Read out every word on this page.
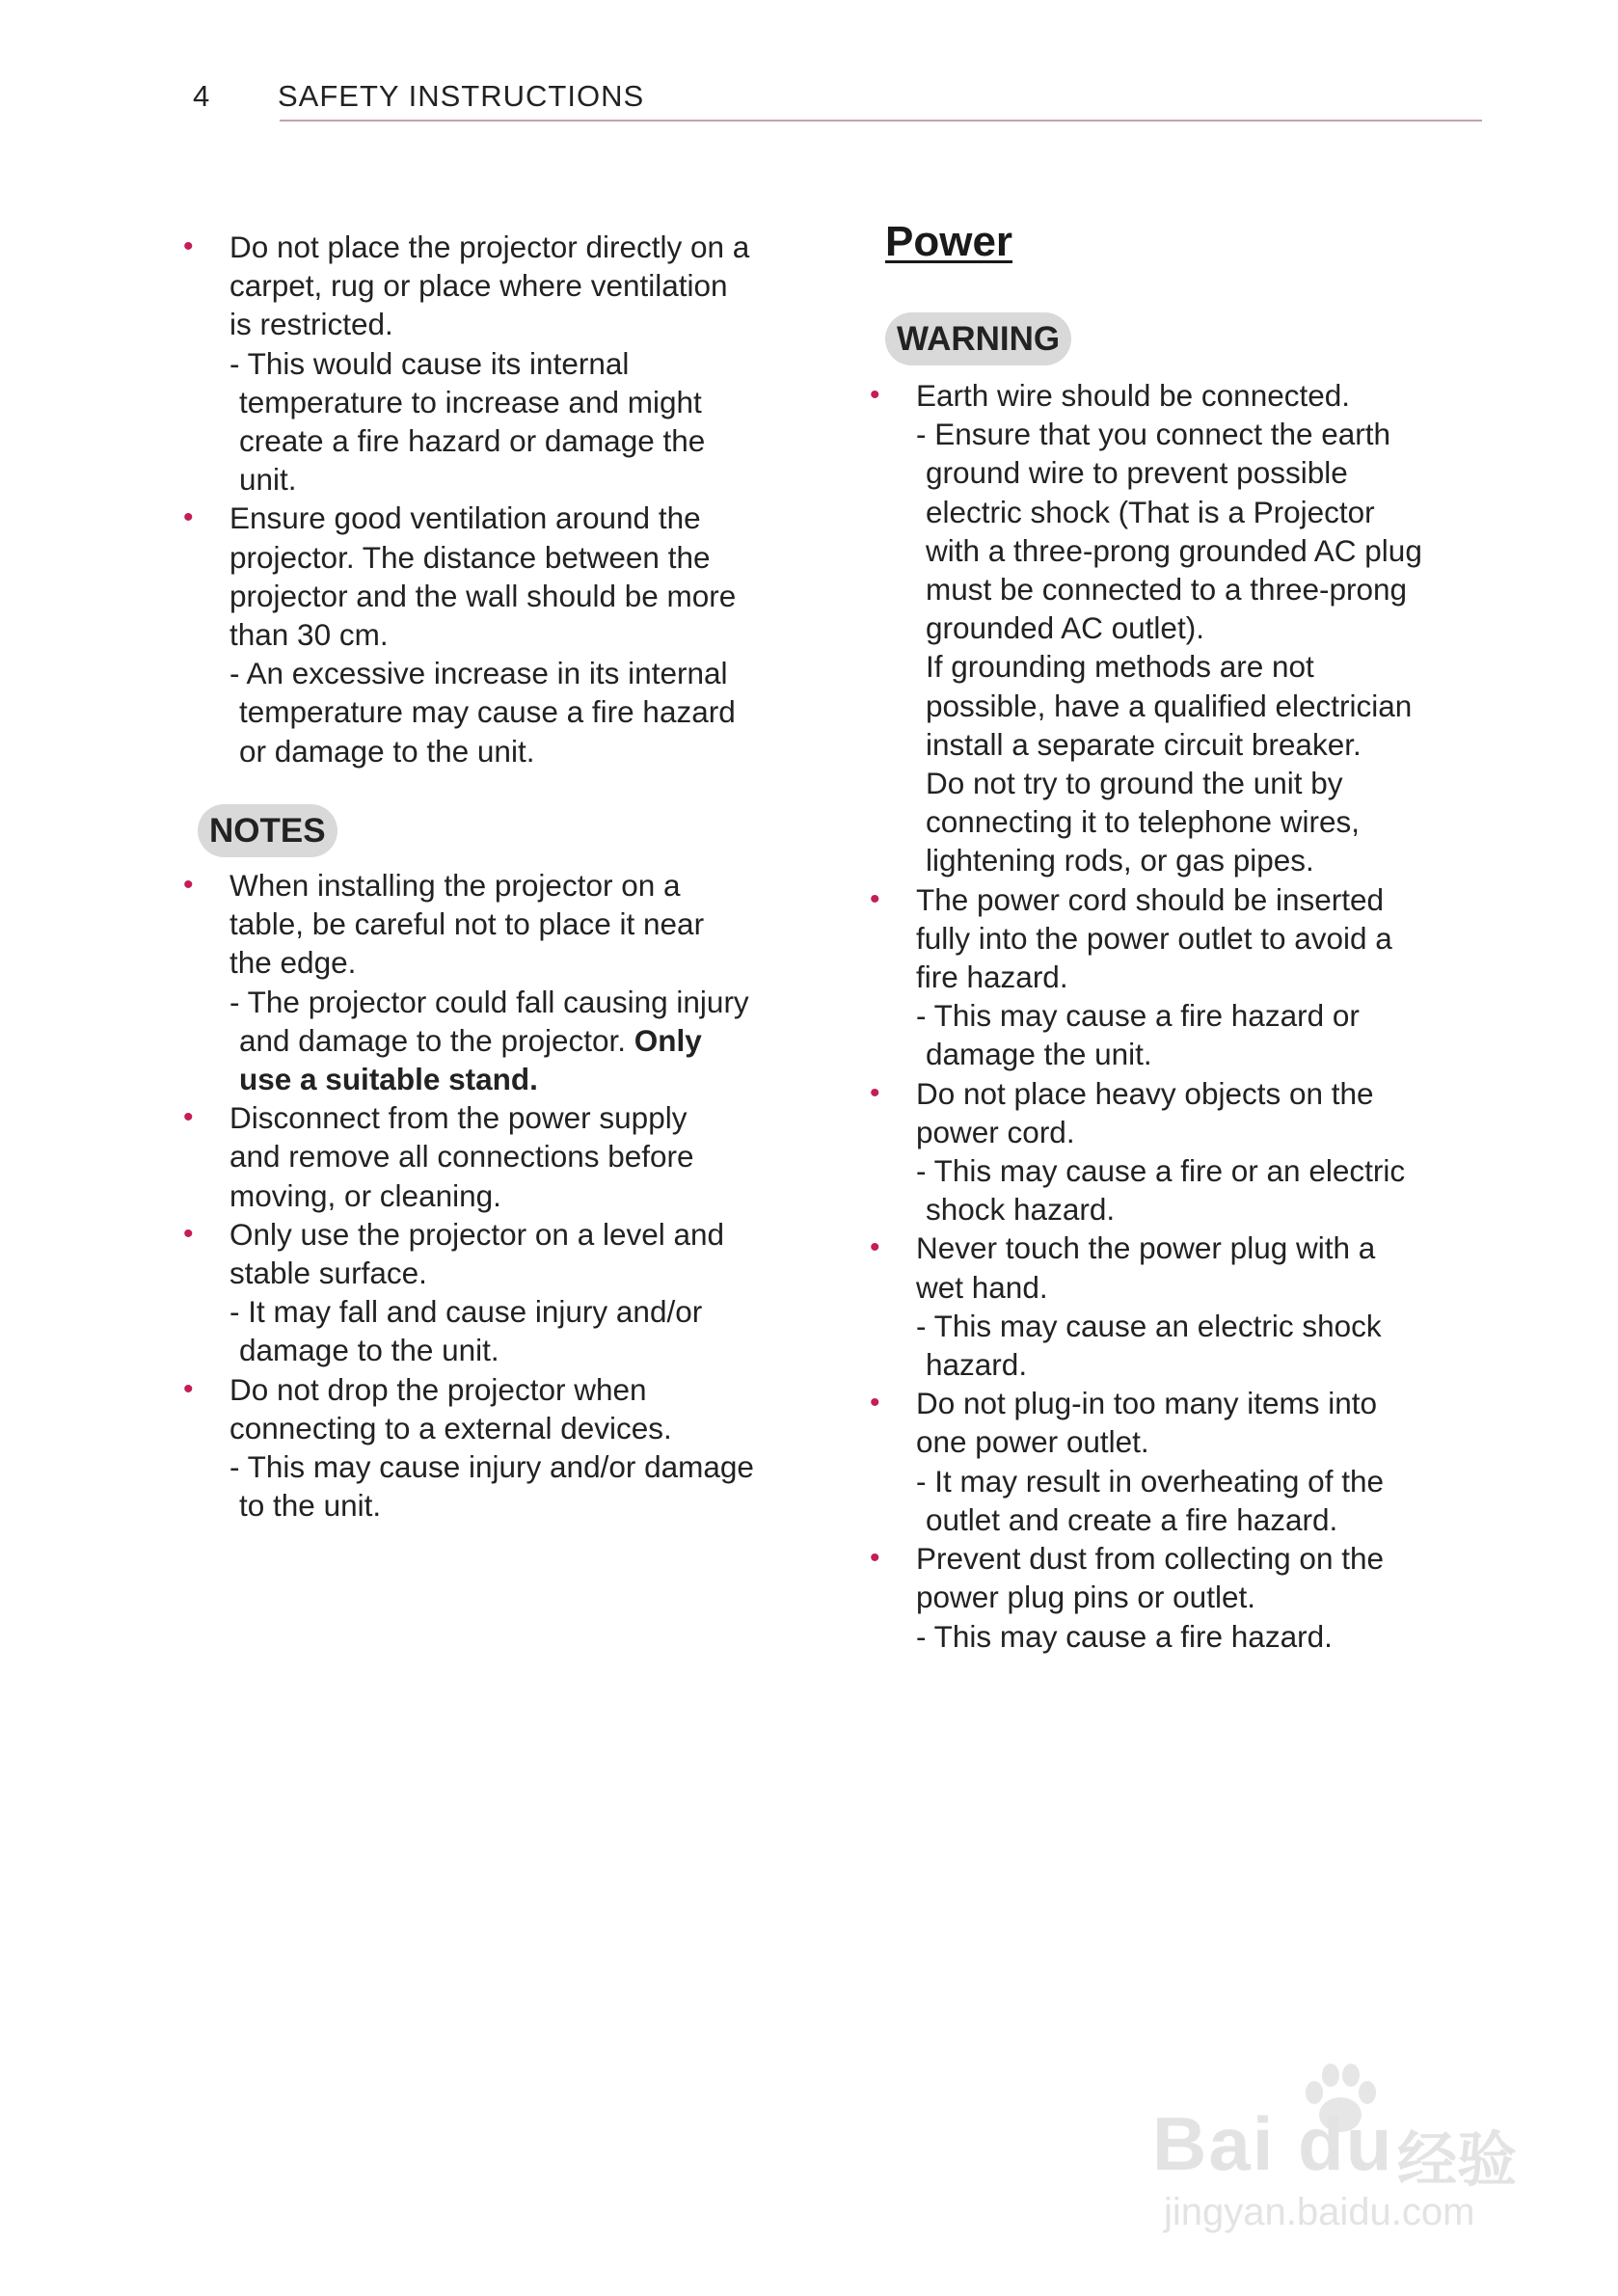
4 SAFETY INSTRUCTIONS
• Do not place the projector directly on a
carpet, rug or place where ventilation
is restricted.
- This would cause its internal
temperature to increase and might
create a fire hazard or damage the
unit.
• Ensure good ventilation around the
projector. The distance between the
projector and the wall should be more
than 30 cm.
- An excessive increase in its internal
temperature may cause a fire hazard
or damage to the unit.
NOTES
• When installing the projector on a
table, be careful not to place it near
the edge.
- The projector could fall causing injury
and damage to the projector. Only
use a suitable stand.
• Disconnect from the power supply
and remove all connections before
moving, or cleaning.
• Only use the projector on a level and
stable surface.
- It may fall and cause injury and/or
damage to the unit.
• Do not drop the projector when
connecting to a external devices.
- This may cause injury and/or damage
to the unit.
Power
WARNING
• Earth wire should be connected.
- Ensure that you connect the earth
ground wire to prevent possible
electric shock (That is a Projector
with a three-prong grounded AC plug
must be connected to a three-prong
grounded AC outlet).
If grounding methods are not
possible, have a qualified electrician
install a separate circuit breaker.
Do not try to ground the unit by
connecting it to telephone wires,
lightening rods, or gas pipes.
• The power cord should be inserted
fully into the power outlet to avoid a
fire hazard.
- This may cause a fire hazard or
damage the unit.
• Do not place heavy objects on the
power cord.
- This may cause a fire or an electric
shock hazard.
• Never touch the power plug with a
wet hand.
- This may cause an electric shock
hazard.
• Do not plug-in too many items into
one power outlet.
- It may result in overheating of the
outlet and create a fire hazard.
• Prevent dust from collecting on the
power plug pins or outlet.
- This may cause a fire hazard.
Bai du 经验
jingyan.baidu.com
